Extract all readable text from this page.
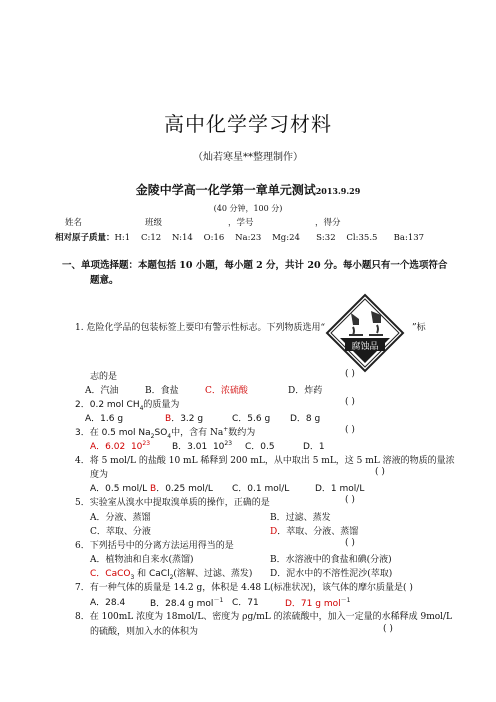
高中化学学习材料
（灿若寒星**整理制作）
金陵中学高一化学第一章单元测试2013.9.29
(40 分钟，100 分)
姓名	班级	，学号	，得分
相对原子质量：H:1    C:12    N:14    O:16    Na:23    Mg:24      S:32    Cl:35.5      Ba:137
一、单项选择题：本题包括 10 小题，每小题 2 分，共计 20 分。每小题只有一个选项符合
题意。
1. 危险化学品的包装标签上要印有警示性标志。下列物质选用“
腐蚀品
”标
志的是	( )
A．汽油	B．食盐	C．浓硫酸	D．炸药
2．0.2 mol $CH_4$的质量为	( )
A．1.6 g	B．3.2 g	C．5.6 g D．8 g
3．在 0.5 mol $Na_2SO_4$中，含有 Na+数约为	( )
A．6.02 $10^{23}$ B．3.01 $10^{23}$ C．0.5	D．1
4．将 5 mol/L 的盐酸 10 mL 稀释到 200 mL，从中取出 5 mL，这 5 mL 溶液的物质的量浓
度为	( )
A．0.5 mol/L B．0.25 mol/L C．0.1 mol/L	D．1 mol/L
5．实验室从溴水中提取溴单质的操作，正确的是	( )
A．分液、蒸馏	B．过滤、蒸发
C．萃取、分液	D．萃取、分液、蒸馏
6．下列括号中的分离方法运用得当的是	( )
A．植物油和自来水(蒸馏)	B．水溶液中的食盐和碘(分液)
C．CaCO$_3$ 和 CaCl$_2$(溶解、过滤、蒸发) D．泥水中的不溶性泥沙(萃取)
7．有一种气体的质量是 14.2 g，体积是 4.48 L(标准状况)，该气体的摩尔质量是( )
A．28.4	B．28.4 g mol$^{-1}$ C．71	D．71 g mol$^{-1}$
8．在 100mL 浓度为 18mol/L、密度为 ρg/mL 的浓硫酸中，加入一定量的水稀释成 9mol/L
的硫酸，则加入水的体积为	( )
